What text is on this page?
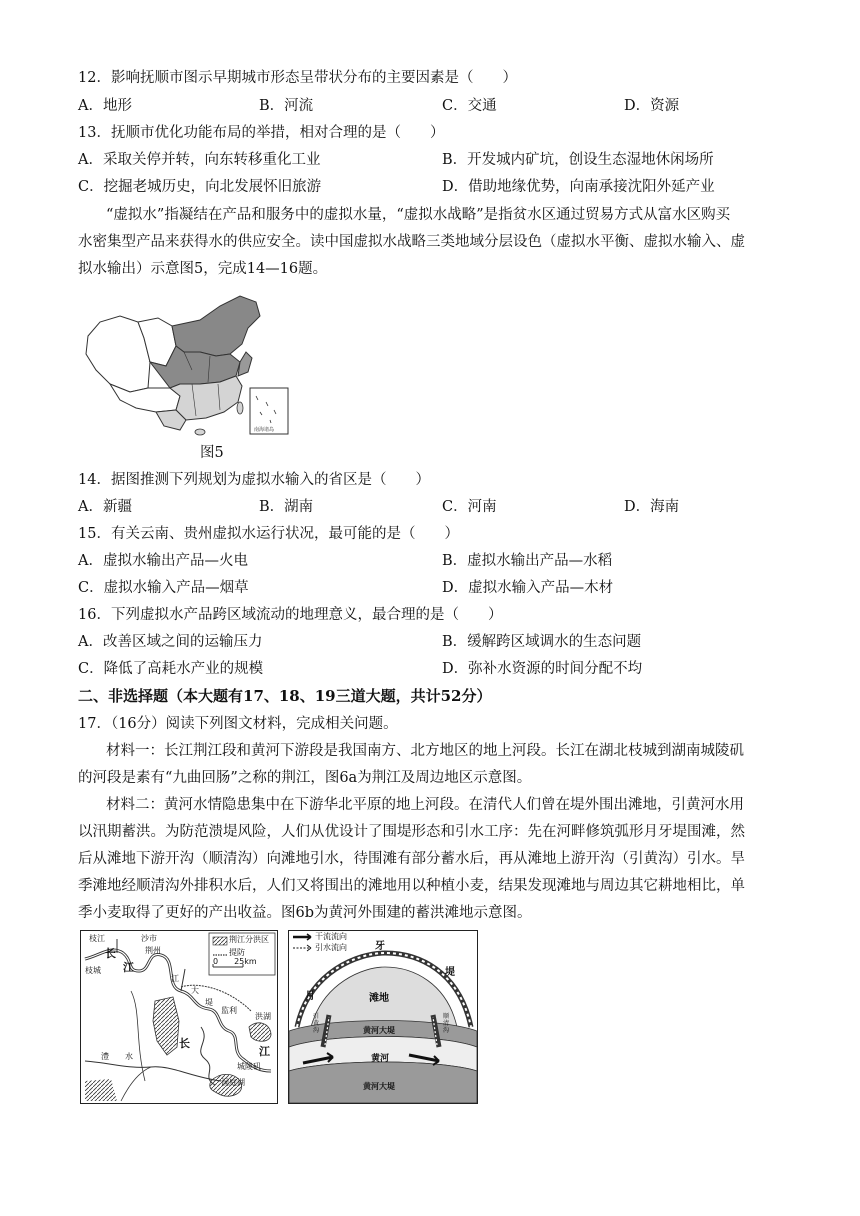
12．影响抚顺市图示早期城市形态呈带状分布的主要因素是（　　）
A．地形	B．河流	C．交通	D．资源
13．抚顺市优化功能布局的举措，相对合理的是（　　）
A．采取关停并转，向东转移重化工业	B．开发城内矿坑，创设生态湿地休闲场所
C．挖掘老城历史，向北发展怀旧旅游	D．借助地缘优势，向南承接沈阳外延产业
“虚拟水”指凝结在产品和服务中的虚拟水量，“虚拟水战略”是指贫水区通过贸易方式从富水区购买
水密集型产品来获得水的供应安全。读中国虚拟水战略三类地域分层设色（虚拟水平衡、虚拟水输入、虚
拟水输出）示意图5，完成14—16题。
南海诸岛
图5
14．据图推测下列规划为虚拟水输入的省区是（　　）
A．新疆	B．湖南	C．河南	D．海南
15．有关云南、贵州虚拟水运行状况，最可能的是（　　）
A．虚拟水输出产品—火电	B．虚拟水输出产品—水稻
C．虚拟水输入产品—烟草	D．虚拟水输入产品—木材
16．下列虚拟水产品跨区域流动的地理意义，最合理的是（　　）
A．改善区域之间的运输压力	B．缓解跨区域调水的生态问题
C．降低了高耗水产业的规模	D．弥补水资源的时间分配不均
二、非选择题（本大题有17、18、19三道大题，共计52分）
17．（16分）阅读下列图文材料，完成相关问题。
材料一：长江荆江段和黄河下游段是我国南方、北方地区的地上河段。长江在湖北枝城到湖南城陵矶
的河段是素有“九曲回肠”之称的荆江，图6a为荆江及周边地区示意图。
材料二：黄河水情隐患集中在下游华北平原的地上河段。在清代人们曾在堤外围出滩地，引黄河水用
以汛期蓄洪。为防范溃堤风险，人们从优设计了围堤形态和引水工序：先在河畔修筑弧形月牙堤围滩，然
后从滩地下游开沟（顺清沟）向滩地引水，待围滩有部分蓄水后，再从滩地上游开沟（引黄沟）引水。旱
季滩地经顺清沟外排积水后，人们又将围出的滩地用以种植小麦，结果发现滩地与周边其它耕地相比，单
季小麦取得了更好的产出收益。图6b为黄河外围建的蓄洪滩地示意图。
荆江分洪区
提防
0　　25km
枝江
枝城
长
江
沙市
荆州
江
大
堤
监利
洪湖
澧 水
长
江
洞庭湖
城陵矶
干流流向
引水流向
滩地
月
牙
堤
黄河大堤
黄河
黄河大堤
引黄沟
顺清沟
